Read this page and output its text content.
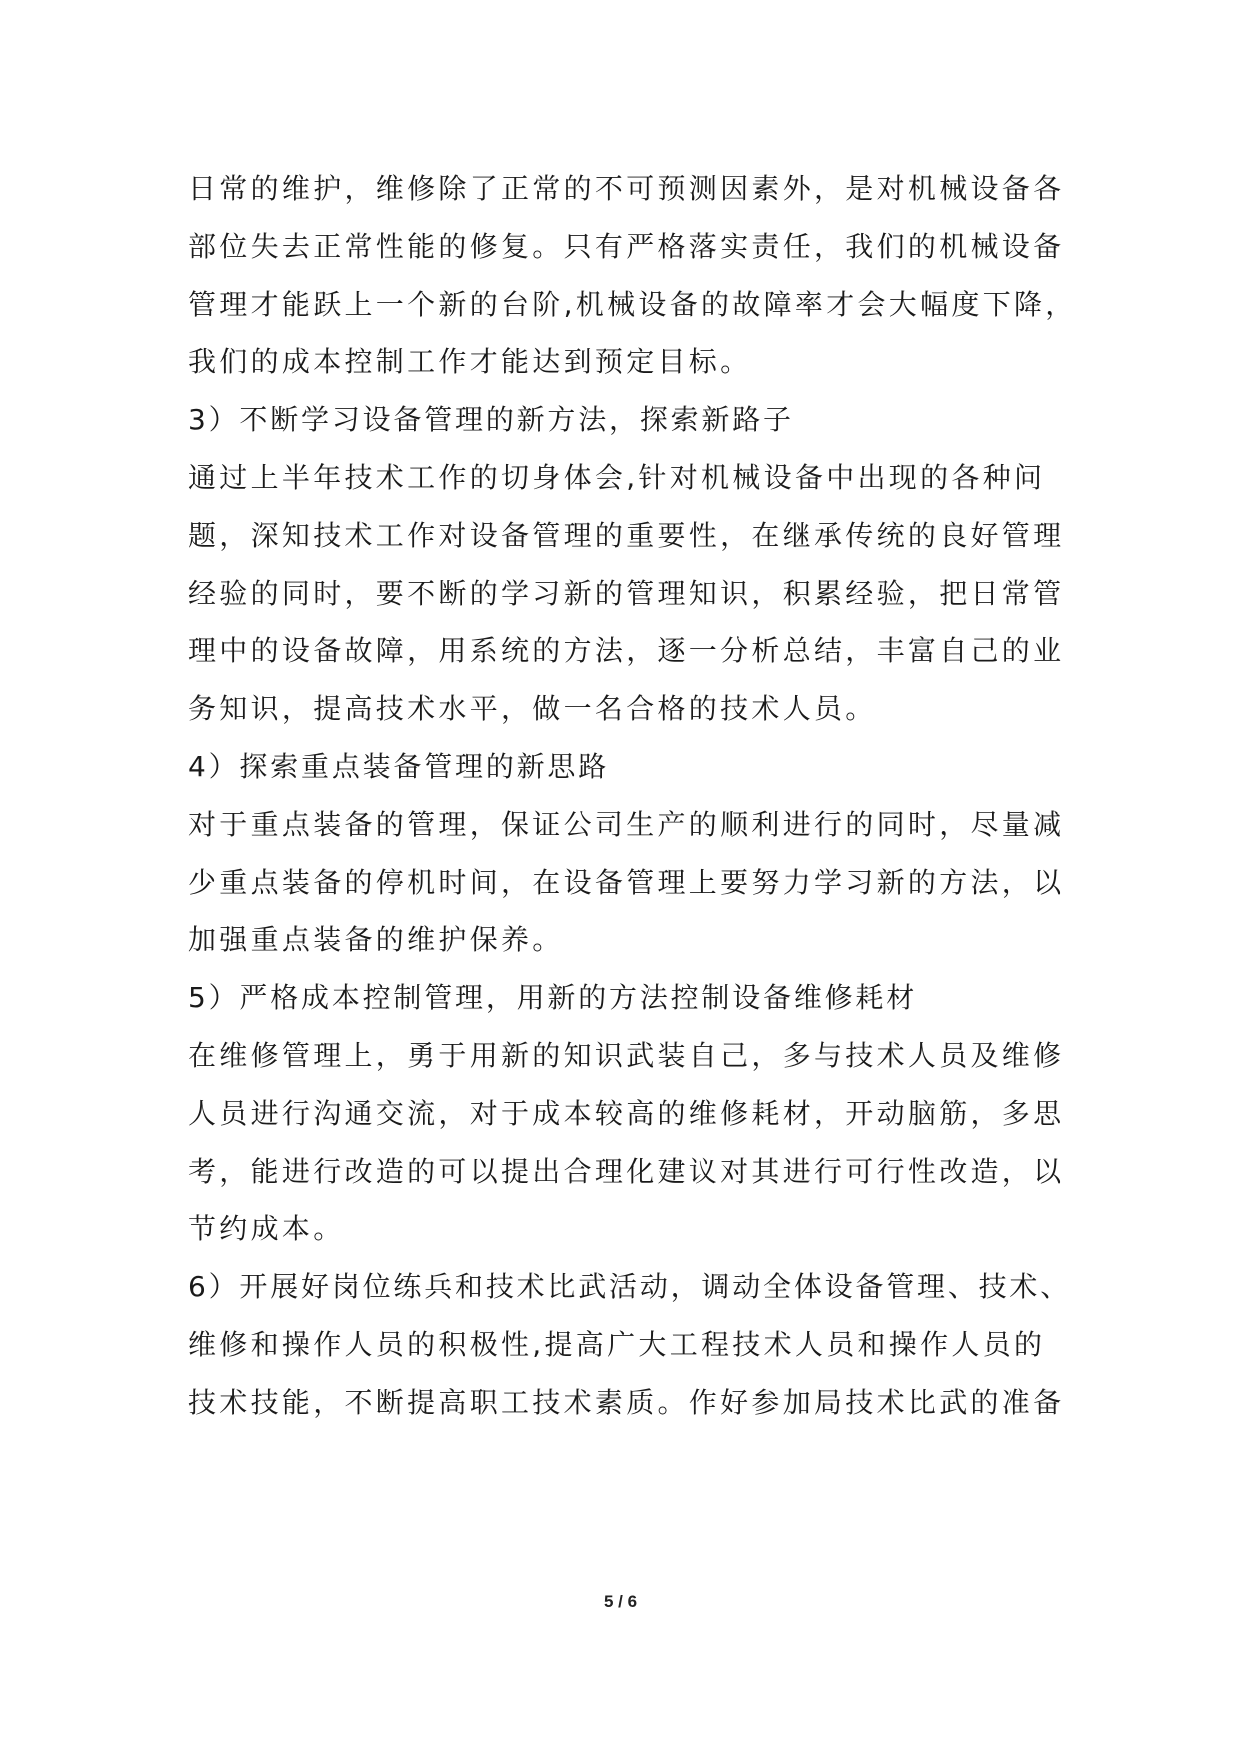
日常的维护，维修除了正常的不可预测因素外，是对机械设备各
部位失去正常性能的修复。只有严格落实责任，我们的机械设备
管理才能跃上一个新的台阶,机械设备的故障率才会大幅度下降，
我们的成本控制工作才能达到预定目标。
3）不断学习设备管理的新方法，探索新路子
通过上半年技术工作的切身体会,针对机械设备中出现的各种问
题，深知技术工作对设备管理的重要性，在继承传统的良好管理
经验的同时，要不断的学习新的管理知识，积累经验，把日常管
理中的设备故障，用系统的方法，逐一分析总结，丰富自己的业
务知识，提高技术水平，做一名合格的技术人员。
4）探索重点装备管理的新思路
对于重点装备的管理，保证公司生产的顺利进行的同时，尽量减
少重点装备的停机时间，在设备管理上要努力学习新的方法，以
加强重点装备的维护保养。
5）严格成本控制管理，用新的方法控制设备维修耗材
在维修管理上，勇于用新的知识武装自己，多与技术人员及维修
人员进行沟通交流，对于成本较高的维修耗材，开动脑筋，多思
考，能进行改造的可以提出合理化建议对其进行可行性改造，以
节约成本。
6）开展好岗位练兵和技术比武活动，调动全体设备管理、技术、
维修和操作人员的积极性,提高广大工程技术人员和操作人员的
技术技能，不断提高职工技术素质。作好参加局技术比武的准备
5 / 6
